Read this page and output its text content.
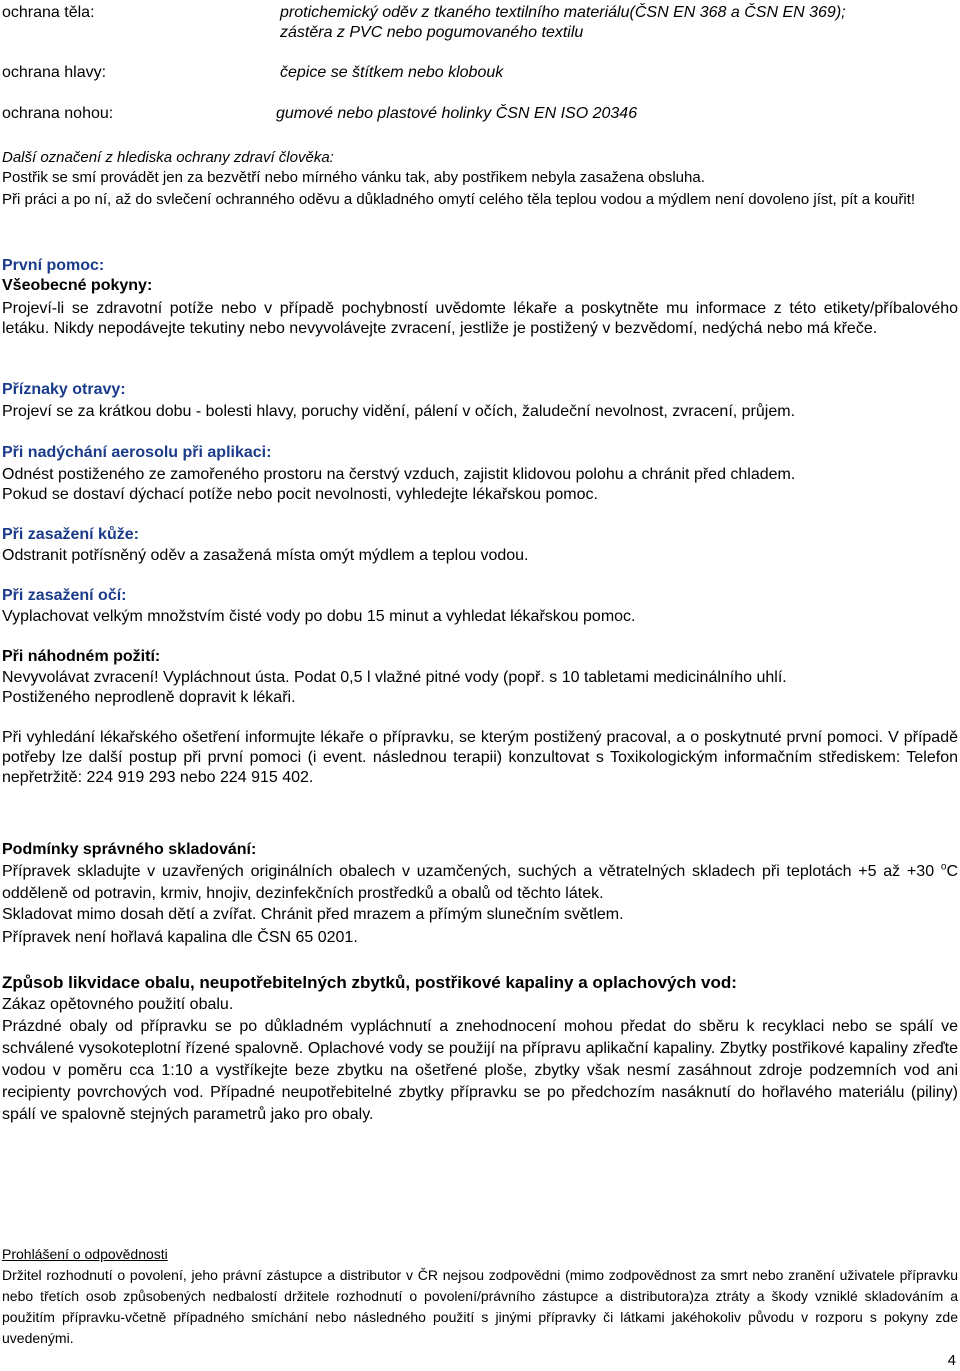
ochrana těla:	protichemický oděv z tkaného textilního materiálu(ČSN EN 368 a ČSN EN 369);

zástěra z PVC nebo pogumovaného textilu

ochrana hlavy:	čepice se štítkem nebo klobouk

ochrana nohou:	gumové nebo plastové holinky ČSN EN ISO 20346

Další označení z hlediska ochrany zdraví člověka:

Postřik se smí provádět jen za bezvětří nebo mírného vánku tak, aby postřikem nebyla zasažena obsluha.

Při práci a po ní, až do svlečení ochranného oděvu a důkladného omytí celého těla teplou vodou a mýdlem není dovoleno jíst, pít a kouřit!

První pomoc:

Všeobecné pokyny:

Projeví-li se zdravotní potíže nebo v případě pochybností uvědomte lékaře a poskytněte mu informace z této etikety/příbalového letáku. Nikdy nepodávejte tekutiny nebo nevyvolávejte zvracení, jestliže je postižený v bezvědomí, nedýchá nebo má křeče.

Příznaky otravy:

Projeví se za krátkou dobu - bolesti hlavy, poruchy vidění, pálení v očích, žaludeční nevolnost, zvracení, průjem.

Při nadýchání aerosolu při aplikaci:

Odnést postiženého ze zamořeného prostoru na čerstvý vzduch, zajistit klidovou polohu a chránit před chladem.

Pokud se dostaví dýchací potíže nebo pocit nevolnosti, vyhledejte lékařskou pomoc.

Při zasažení kůže:

Odstranit potřísněný oděv a zasažená místa omýt mýdlem a teplou vodou.

Při zasažení očí:

Vyplachovat velkým množstvím čisté vody po dobu 15 minut a vyhledat lékařskou pomoc.

Při náhodném požití:

Nevyvolávat zvracení! Vypláchnout ústa. Podat 0,5 l vlažné pitné vody (popř. s 10 tabletami medicinálního uhlí.

Postiženého neprodleně dopravit k lékaři.

Při vyhledání lékařského ošetření informujte lékaře o přípravku, se kterým postižený pracoval, a o poskytnuté první pomoci. V případě potřeby lze další postup při první pomoci (i event. následnou terapii) konzultovat s Toxikologickým informačním střediskem: Telefon nepřetržitě: 224 919 293 nebo 224 915 402.

Podmínky správného skladování:

Přípravek skladujte v uzavřených originálních obalech v uzamčených, suchých a větratelných skladech při teplotách +5 až +30 $^o$C odděleně od potravin, krmiv, hnojiv, dezinfekčních prostředků a obalů od těchto látek.

Skladovat mimo dosah dětí a zvířat. Chránit před mrazem a přímým slunečním světlem.

Přípravek není hořlavá kapalina dle ČSN 65 0201.

Způsob likvidace obalu, neupotřebitelných zbytků, postřikové kapaliny a oplachových vod:

Zákaz opětovného použití obalu.

Prázdné obaly od přípravku se po důkladném vypláchnutí a znehodnocení mohou předat do sběru k recyklaci nebo se spálí ve schválené vysokoteplotní řízené spalovně. Oplachové vody se použijí na přípravu aplikační kapaliny. Zbytky postřikové kapaliny zřeďte vodou v poměru cca 1:10 a vystříkejte beze zbytku na ošetřené ploše, zbytky však nesmí zasáhnout zdroje podzemních vod ani recipienty povrchových vod. Případné neupotřebitelné zbytky přípravku se po předchozím nasáknutí do hořlavého materiálu (piliny) spálí ve spalovně stejných parametrů jako pro obaly.

Prohlášení o odpovědnosti

Držitel rozhodnutí o povolení, jeho právní zástupce a distributor v ČR nejsou zodpovědni (mimo zodpovědnost za smrt nebo zranění uživatele přípravku nebo třetích osob způsobených nedbalostí držitele rozhodnutí o povolení/právního zástupce a distributora)za ztráty a škody vzniklé skladováním a použitím přípravku-včetně případného smíchání nebo následného použití s jinými přípravky či látkami jakéhokoliv původu v rozporu s pokyny zde uvedenými.

4
